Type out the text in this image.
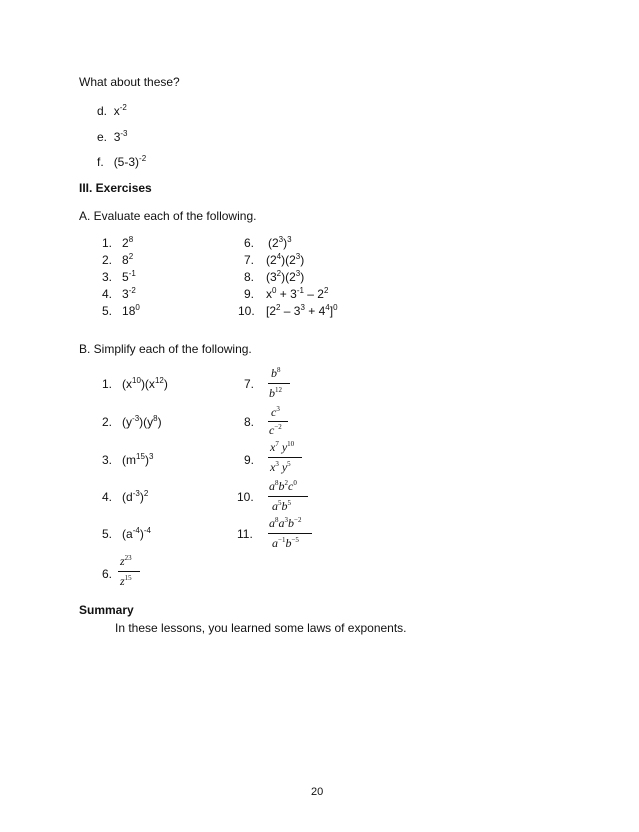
What about these?
d. $x^{-2}$
e. $3^{-3}$
f. $(5-3)^{-2}$
III. Exercises
A. Evaluate each of the following.
1. $2^8$
2. $8^2$
3. $5^{-1}$
4. $3^{-2}$
5. $18^0$
6. $(2^3)^3$
7. $(2^4)(2^3)$
8. $(3^2)(2^3)$
9. $x^0 + 3^{-1} - 2^2$
10. $[2^2 - 3^3 + 4^4]^0$
B. Simplify each of the following.
1. $(x^{10})(x^{12})$
2. $(y^{-3})(y^8)$
3. $(m^{15})^3$
4. $(d^{-3})^2$
5. $(a^{-4})^{-4}$
6.
7.
8.
9.
10.
11.
$z^{23}$
$z^{15}$
$b^8$
$b^{12}$
$c^3$
$c^{-2}$
$x^7$ $y^{10}$
$x^3$ $y^5$
$a^8b^2c^0$
$a^5b^5$
$a^8a^3b^{-2}$
$a^{-1}b^{-5}$
Summary
In these lessons, you learned some laws of exponents.
20
